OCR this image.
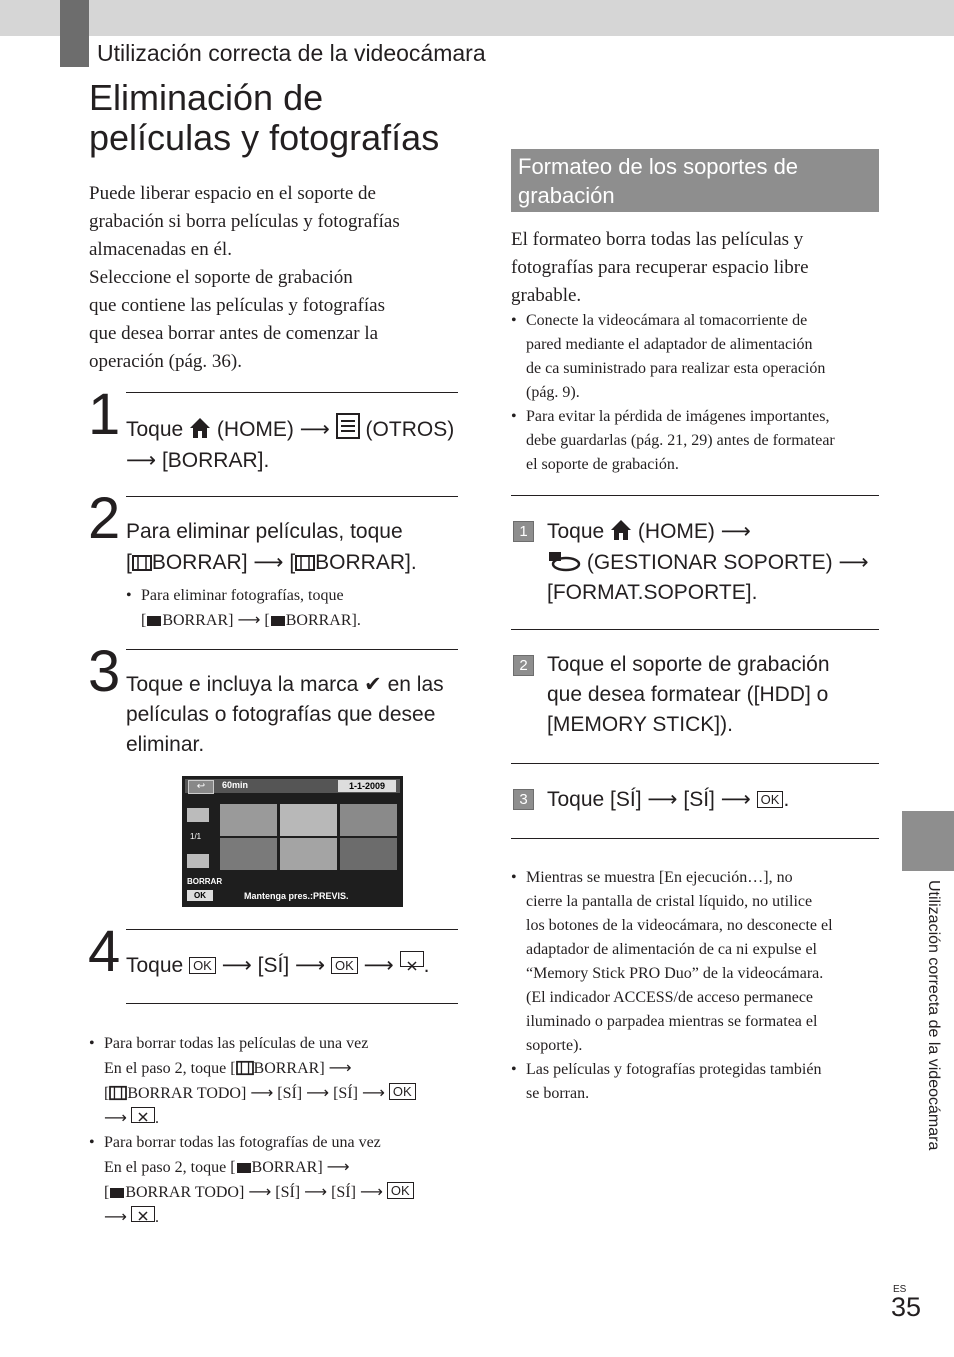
Utilización correcta de la videocámara
Eliminación de
películas y fotografías
Puede liberar espacio en el soporte de
grabación si borra películas y fotografías
almacenadas en él.
Seleccione el soporte de grabación
que contiene las películas y fotografías
que desea borrar antes de comenzar la
operación (pág. 36).
1 Toque (HOME) ⟶ (OTROS)
⟶ [BORRAR].
2 Para eliminar películas, toque
[ BORRAR] ⟶ [ BORRAR].
• Para eliminar fotografías, toque
[ BORRAR] ⟶ [ BORRAR].
3 Toque e incluya la marca ✔ en las
películas o fotografías que desee
eliminar.
↩	60min	1-1-2009
1/1
BORRAR
OK	Mantenga pres.:PREVIS.
4 Toque OK ⟶ [SÍ] ⟶ OK ⟶ .
• Para borrar todas las películas de una vez
En el paso 2, toque [ BORRAR] ⟶
[ BORRAR TODO] ⟶ [SÍ] ⟶ [SÍ] ⟶ OK
⟶ .
• Para borrar todas las fotografías de una vez
En el paso 2, toque [ BORRAR] ⟶
[ BORRAR TODO] ⟶ [SÍ] ⟶ [SÍ] ⟶ OK
⟶ .
Formateo de los soportes de
grabación
El formateo borra todas las películas y
fotografías para recuperar espacio libre
grabable.
• Conecte la videocámara al tomacorriente de
pared mediante el adaptador de alimentación
de ca suministrado para realizar esta operación
(pág. 9).
• Para evitar la pérdida de imágenes importantes,
debe guardarlas (pág. 21, 29) antes de formatear
el soporte de grabación.
1 Toque (HOME) ⟶
(GESTIONAR SOPORTE) ⟶
[FORMAT.SOPORTE].
2 Toque el soporte de grabación
que desea formatear ([HDD] o
[MEMORY STICK]).
3 Toque [SÍ] ⟶ [SÍ] ⟶ OK .
• Mientras se muestra [En ejecución…], no
cierre la pantalla de cristal líquido, no utilice
los botones de la videocámara, no desconecte el
adaptador de alimentación de ca ni expulse el
“Memory Stick PRO Duo” de la videocámara.
(El indicador ACCESS/de acceso permanece
iluminado o parpadea mientras se formatea el
soporte).
• Las películas y fotografías protegidas también
se borran.	Utilización correcta de la videocámara
ES
35
